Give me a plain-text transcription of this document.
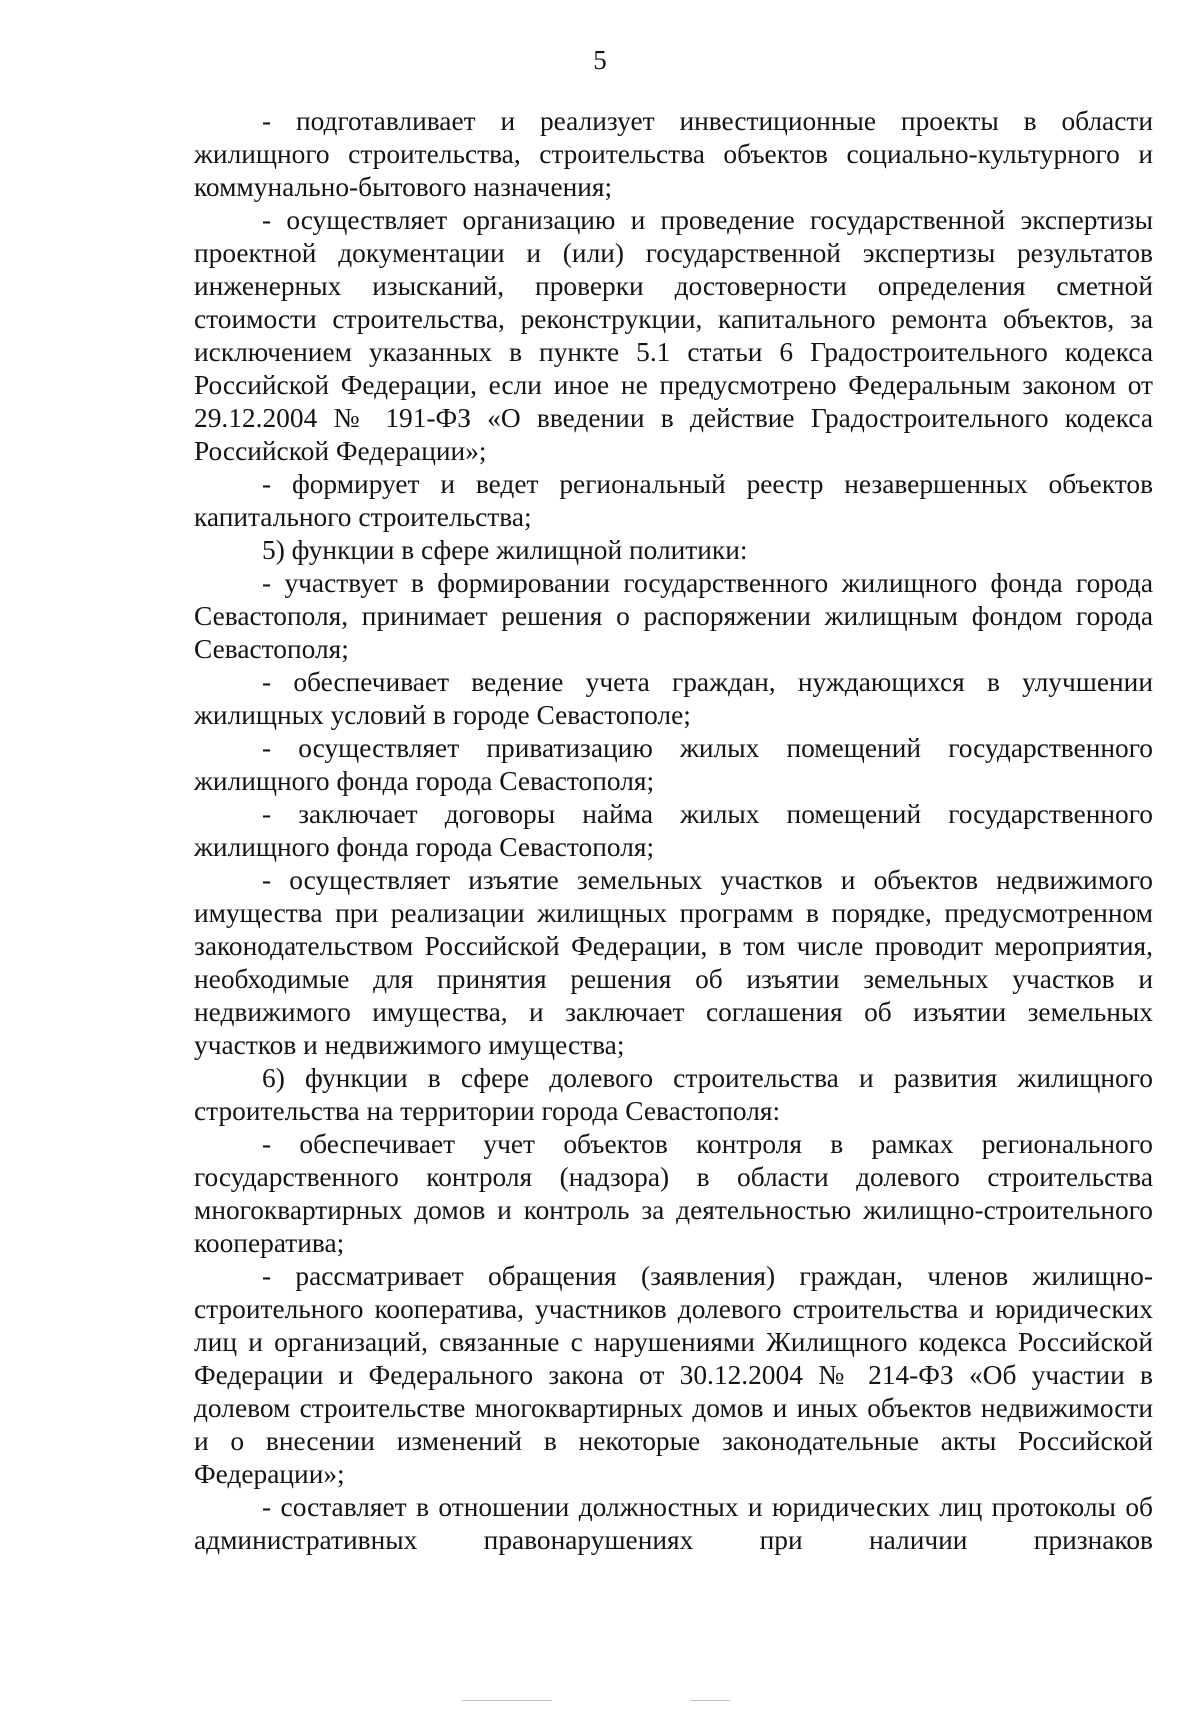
5

- подготавливает и реализует инвестиционные проекты в области жилищного строительства, строительства объектов социально-культурного и коммунально-бытового назначения;

- осуществляет организацию и проведение государственной экспертизы проектной документации и (или) государственной экспертизы результатов инженерных изысканий, проверки достоверности определения сметной стоимости строительства, реконструкции, капитального ремонта объектов, за исключением указанных в пункте 5.1 статьи 6 Градостроительного кодекса Российской Федерации, если иное не предусмотрено Федеральным законом от 29.12.2004 № 191-ФЗ «О введении в действие Градостроительного кодекса Российской Федерации»;

- формирует и ведет региональный реестр незавершенных объектов капитального строительства;

5) функции в сфере жилищной политики:

- участвует в формировании государственного жилищного фонда города Севастополя, принимает решения о распоряжении жилищным фондом города Севастополя;

- обеспечивает ведение учета граждан, нуждающихся в улучшении жилищных условий в городе Севастополе;

- осуществляет приватизацию жилых помещений государственного жилищного фонда города Севастополя;

- заключает договоры найма жилых помещений государственного жилищного фонда города Севастополя;

- осуществляет изъятие земельных участков и объектов недвижимого имущества при реализации жилищных программ в порядке, предусмотренном законодательством Российской Федерации, в том числе проводит мероприятия, необходимые для принятия решения об изъятии земельных участков и недвижимого имущества, и заключает соглашения об изъятии земельных участков и недвижимого имущества;

6) функции в сфере долевого строительства и развития жилищного строительства на территории города Севастополя:

- обеспечивает учет объектов контроля в рамках регионального государственного контроля (надзора) в области долевого строительства многоквартирных домов и контроль за деятельностью жилищно-строительного кооператива;

- рассматривает обращения (заявления) граждан, членов жилищно-строительного кооператива, участников долевого строительства и юридических лиц и организаций, связанные с нарушениями Жилищного кодекса Российской Федерации и Федерального закона от 30.12.2004 № 214-ФЗ «Об участии в долевом строительстве многоквартирных домов и иных объектов недвижимости и о внесении изменений в некоторые законодательные акты Российской Федерации»;

- составляет в отношении должностных и юридических лиц протоколы об административных правонарушениях при наличии признаков
